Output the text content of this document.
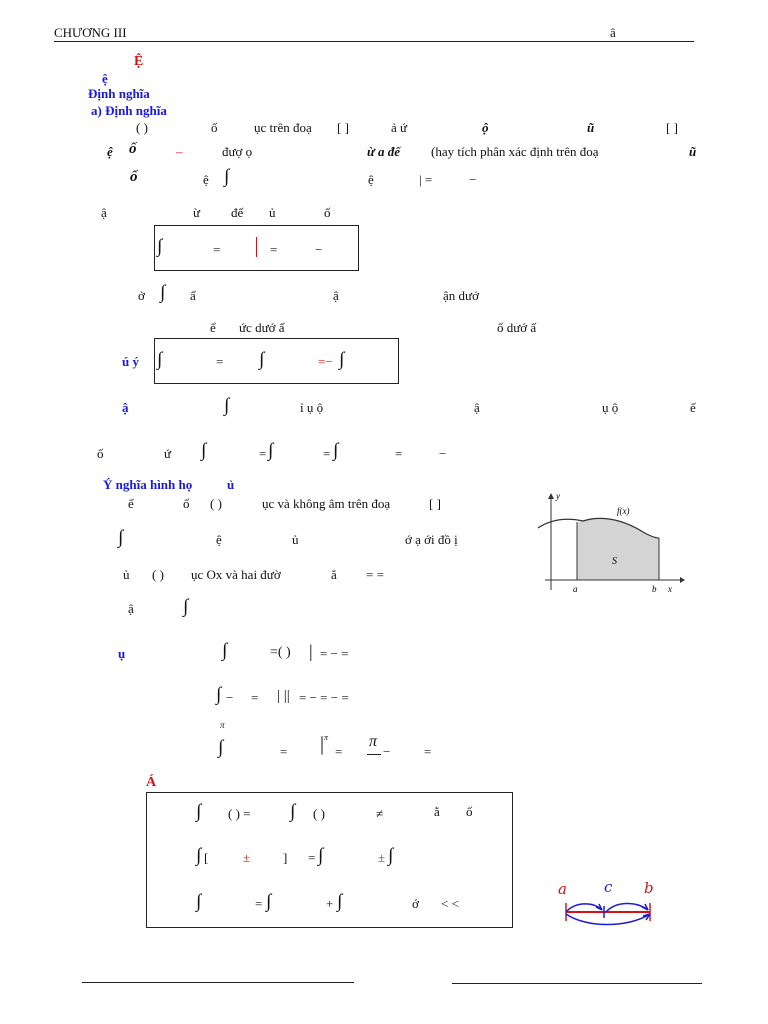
CHƯƠNG III	â
Ệ
ệ
Định nghĩa
a) Định nghĩa
( )	ố	ục trên đoạ [ ]	ả ứ	ộ	ũ	[ ]
ệ ố	–	đượ ọ	ừ a đế (hay tích phân xác định trên đoạ	ũ
ố	ệ ∫	ệ	| =	−
ậ	ừ đế ủ	ố
∫	=	=	−
ở ∫ ấ	ậ	ận dướ
ể ức dướ ấ	ố dướ ấ
ú ý ∫	= ∫	=− ∫
ậ	∫	ỉ ụ ộ	ậ	ụ ộ	ế
ố	ứ ∫	= ∫	= ∫	=	−
Ý nghĩa hình họ	ủ
ế	ố ( )	ục và không âm trên đoạ	[ ]
∫	ệ	ủ	ớ ạ ới đồ ị
ủ ( ) ục Ox và hai đườ	ẳ = =
ậ	∫
y
f(x)
S
a	b x
ụ	∫	=( ) | = − =
∫ − = | || = − = − =
π
∫	= | π
=
π
−	=
Á
∫ ( ) = ∫ ( )	≠	ằ ố
∫ [	±	] = ∫	± ∫
∫	= ∫	+ ∫	ớ < <
a c b
